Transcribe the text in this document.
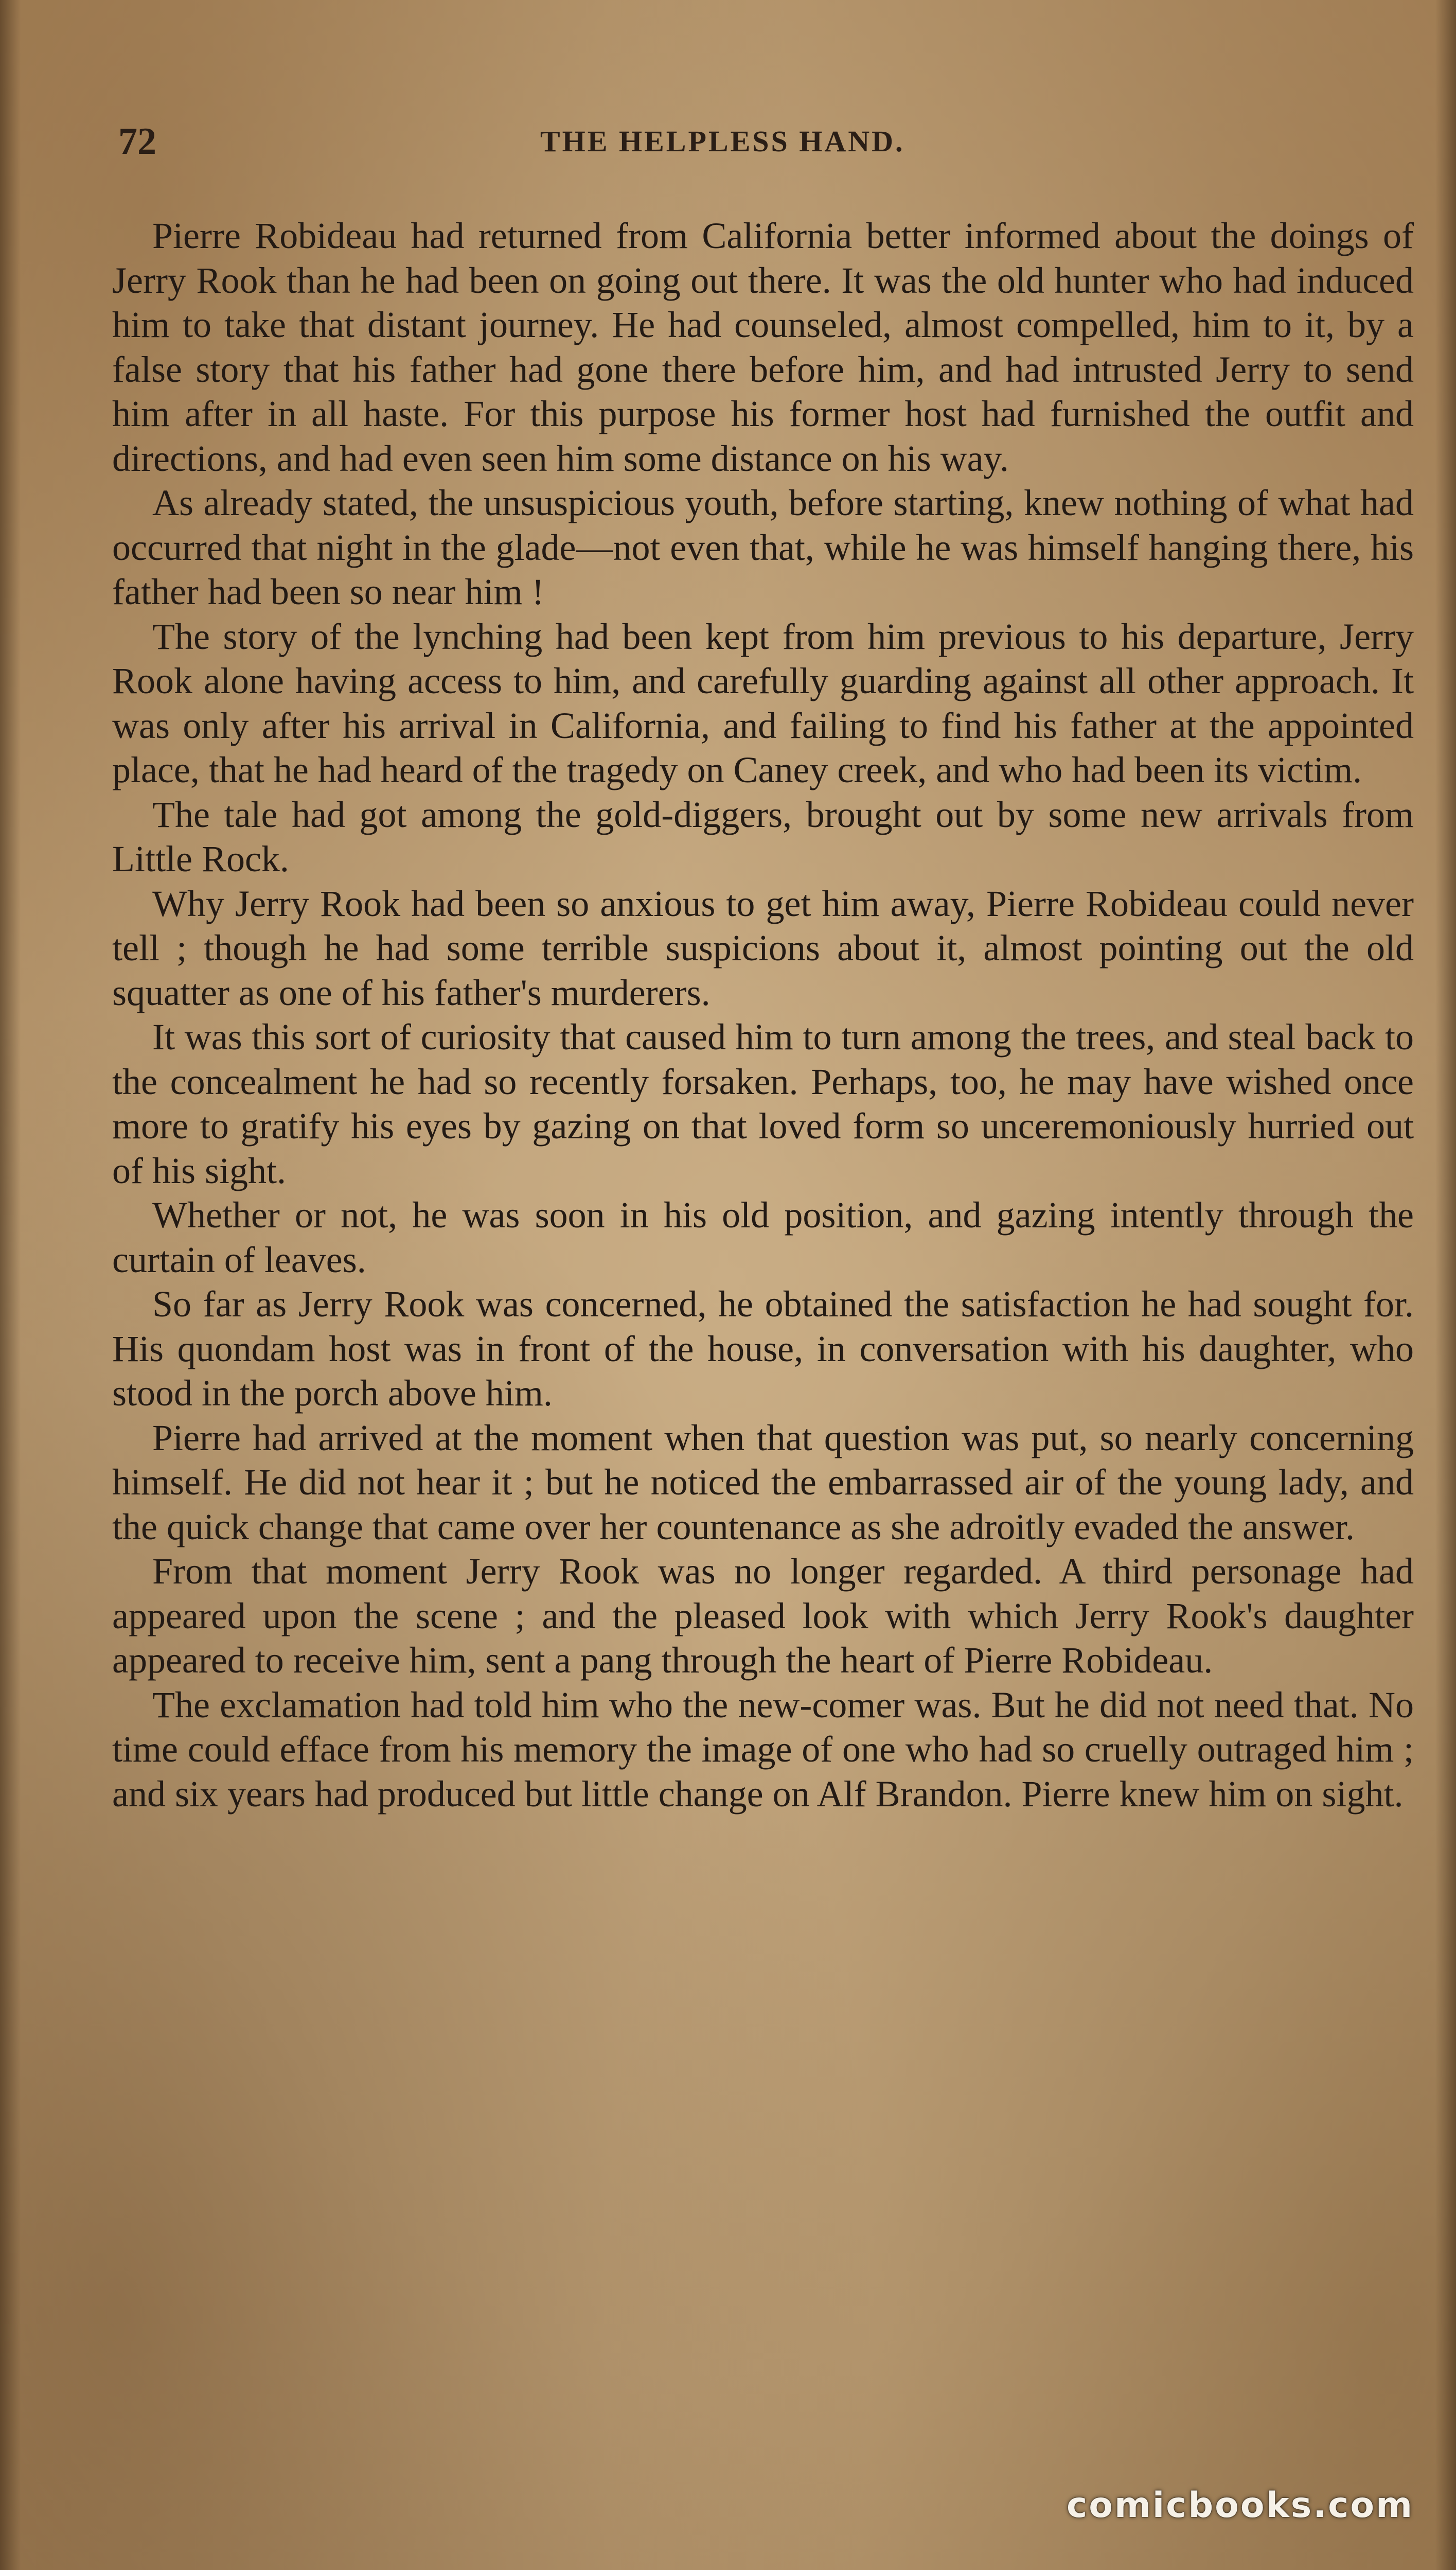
72	THE HELPLESS HAND.

Pierre Robideau had returned from California better informed about the doings of Jerry Rook than he had been on going out there. It was the old hunter who had induced him to take that distant journey. He had counseled, almost compelled, him to it, by a false story that his father had gone there before him, and had intrusted Jerry to send him after in all haste. For this purpose his former host had furnished the outfit and directions, and had even seen him some distance on his way.

As already stated, the unsuspicious youth, before starting, knew nothing of what had occurred that night in the glade—not even that, while he was himself hanging there, his father had been so near him !

The story of the lynching had been kept from him previous to his departure, Jerry Rook alone having access to him, and carefully guarding against all other approach. It was only after his arrival in California, and failing to find his father at the appointed place, that he had heard of the tragedy on Caney creek, and who had been its victim.

The tale had got among the gold-diggers, brought out by some new arrivals from Little Rock.

Why Jerry Rook had been so anxious to get him away, Pierre Robideau could never tell ; though he had some terrible suspicions about it, almost pointing out the old squatter as one of his father's murderers.

It was this sort of curiosity that caused him to turn among the trees, and steal back to the concealment he had so recently forsaken. Perhaps, too, he may have wished once more to gratify his eyes by gazing on that loved form so unceremoniously hurried out of his sight.

Whether or not, he was soon in his old position, and gazing intently through the curtain of leaves.

So far as Jerry Rook was concerned, he obtained the satisfaction he had sought for. His quondam host was in front of the house, in conversation with his daughter, who stood in the porch above him.

Pierre had arrived at the moment when that question was put, so nearly concerning himself. He did not hear it ; but he noticed the embarrassed air of the young lady, and the quick change that came over her countenance as she adroitly evaded the answer.

From that moment Jerry Rook was no longer regarded. A third personage had appeared upon the scene ; and the pleased look with which Jerry Rook's daughter appeared to receive him, sent a pang through the heart of Pierre Robideau.

The exclamation had told him who the new-comer was. But he did not need that. No time could efface from his memory the image of one who had so cruelly outraged him ; and six years had produced but little change on Alf Brandon. Pierre knew him on sight.

comicbooks.com
